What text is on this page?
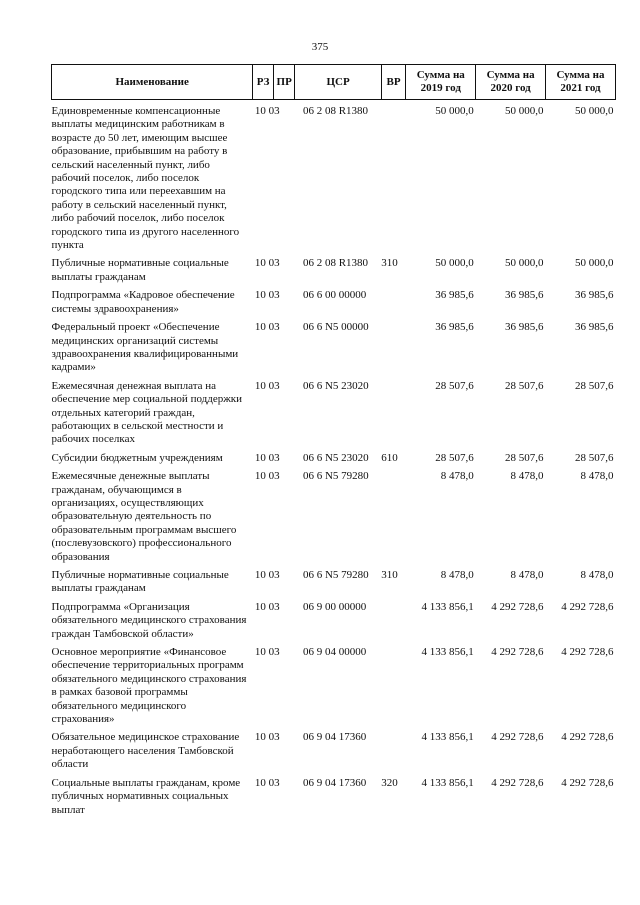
375
Наименование	РЗ	ПР	ЦСР	ВР	Сумма на 2019 год	Сумма на 2020 год	Сумма на 2021 год

Единовременные компенсационные выплаты медицинским работникам в возрасте до 50 лет, имеющим высшее образование, прибывшим на работу в сельский населенный пункт, либо рабочий поселок, либо поселок городского типа или переехавшим на работу в сельский населенный пункт, либо рабочий поселок, либо поселок городского типа из другого населенного пункта	10 03		06 2 08 R1380		50 000,0	50 000,0	50 000,0

Публичные нормативные социальные выплаты гражданам	10 03		06 2 08 R1380	310	50 000,0	50 000,0	50 000,0

Подпрограмма «Кадровое обеспечение системы здравоохранения»	10 03		06 6 00 00000		36 985,6	36 985,6	36 985,6

Федеральный проект «Обеспечение медицинских организаций системы здравоохранения квалифицированными кадрами»	10 03		06 6 N5 00000		36 985,6	36 985,6	36 985,6

Ежемесячная денежная выплата на обеспечение мер социальной поддержки отдельных категорий граждан, работающих в сельской местности и рабочих поселках	10 03		06 6 N5 23020		28 507,6	28 507,6	28 507,6

Субсидии бюджетным учреждениям	10 03		06 6 N5 23020	610	28 507,6	28 507,6	28 507,6

Ежемесячные денежные выплаты гражданам, обучающимся в организациях, осуществляющих образовательную деятельность по образовательным программам высшего (послевузовского) профессионального образования	10 03		06 6 N5 79280		8 478,0	8 478,0	8 478,0

Публичные нормативные социальные выплаты гражданам	10 03		06 6 N5 79280	310	8 478,0	8 478,0	8 478,0

Подпрограмма «Организация обязательного медицинского страхования граждан Тамбовской области»	10 03		06 9 00 00000		4 133 856,1	4 292 728,6	4 292 728,6

Основное мероприятие «Финансовое обеспечение территориальных программ обязательного медицинского страхования в рамках базовой программы обязательного медицинского страхования»	10 03		06 9 04 00000		4 133 856,1	4 292 728,6	4 292 728,6

Обязательное медицинское страхование неработающего населения Тамбовской области	10 03		06 9 04 17360		4 133 856,1	4 292 728,6	4 292 728,6

Социальные выплаты гражданам, кроме публичных нормативных социальных выплат	10 03		06 9 04 17360	320	4 133 856,1	4 292 728,6	4 292 728,6
